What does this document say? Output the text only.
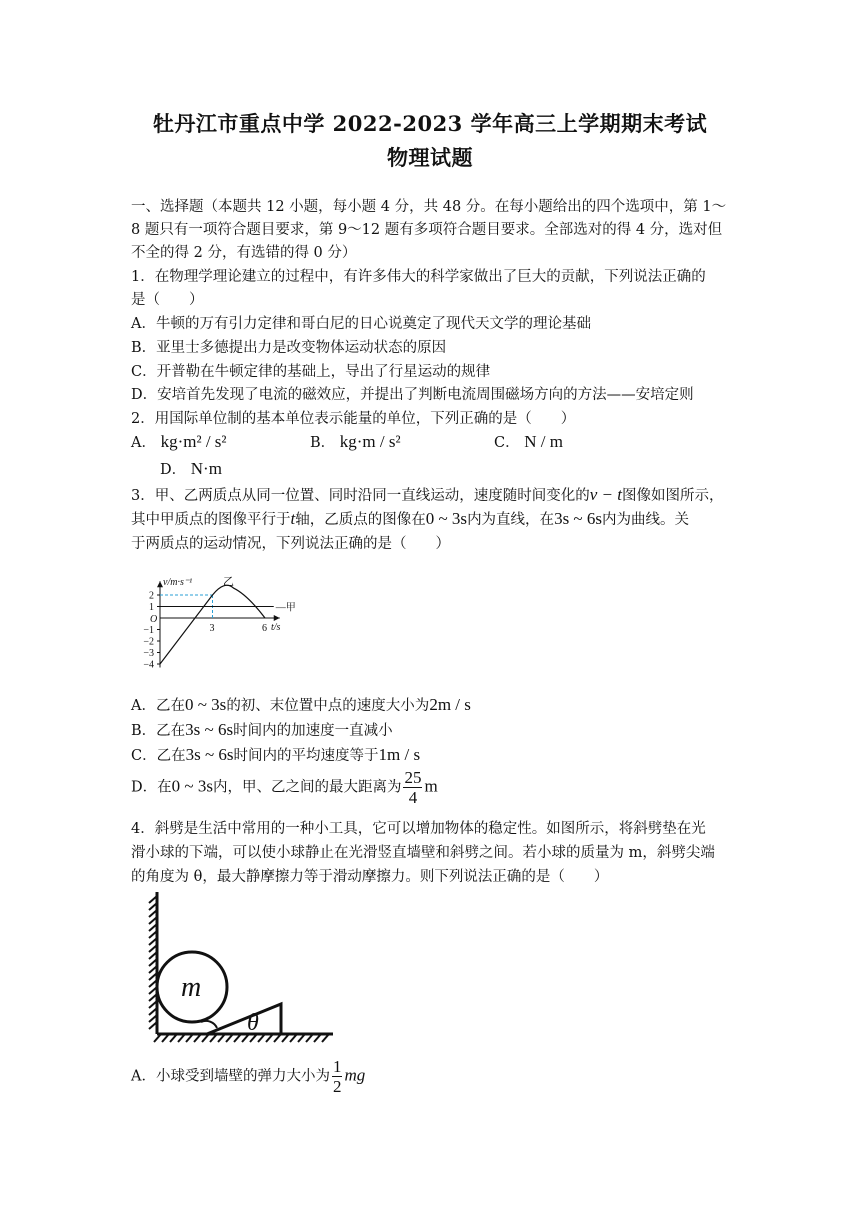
牡丹江市重点中学 2022-2023 学年高三上学期期末考试
物理试题
一、选择题（本题共 12 小题，每小题 4 分，共 48 分。在每小题给出的四个选项中，第 1～
8 题只有一项符合题目要求，第 9～12 题有多项符合题目要求。全部选对的得 4 分，选对但
不全的得 2 分，有选错的得 0 分）
1．在物理学理论建立的过程中，有许多伟大的科学家做出了巨大的贡献，下列说法正确的
是（　　）
A．牛顿的万有引力定律和哥白尼的日心说奠定了现代天文学的理论基础
B．亚里士多德提出力是改变物体运动状态的原因
C．开普勒在牛顿定律的基础上，导出了行星运动的规律
D．安培首先发现了电流的磁效应，并提出了判断电流周围磁场方向的方法——安培定则
2．用国际单位制的基本单位表示能量的单位，下列正确的是（　　）
A． kg·m² / s²	B． kg·m / s²	C． N / m
D． N·m
3．甲、乙两质点从同一位置、同时沿同一直线运动，速度随时间变化的v − t图像如图所示，
其中甲质点的图像平行于t轴，乙质点的图像在0 ~ 3s内为直线，在3s ~ 6s内为曲线。关
于两质点的运动情况，下列说法正确的是（　　）
v/m·s⁻¹
t/s
O
2
1
−1
−2
−3
−4
3	6
—甲
乙
A．乙在0 ~ 3s的初、末位置中点的速度大小为2m / s
B．乙在3s ~ 6s时间内的加速度一直减小
C．乙在3s ~ 6s时间内的平均速度等于1m / s
D．在0 ~ 3s内，甲、乙之间的最大距离为 $\frac{25}{4}$ m
4．斜劈是生活中常用的一种小工具，它可以增加物体的稳定性。如图所示，将斜劈垫在光
滑小球的下端，可以使小球静止在光滑竖直墙壁和斜劈之间。若小球的质量为 m，斜劈尖端
的角度为 θ，最大静摩擦力等于滑动摩擦力。则下列说法正确的是（　　）
m
θ
A．小球受到墙壁的弹力大小为 $\frac{1}{2}$ mg
